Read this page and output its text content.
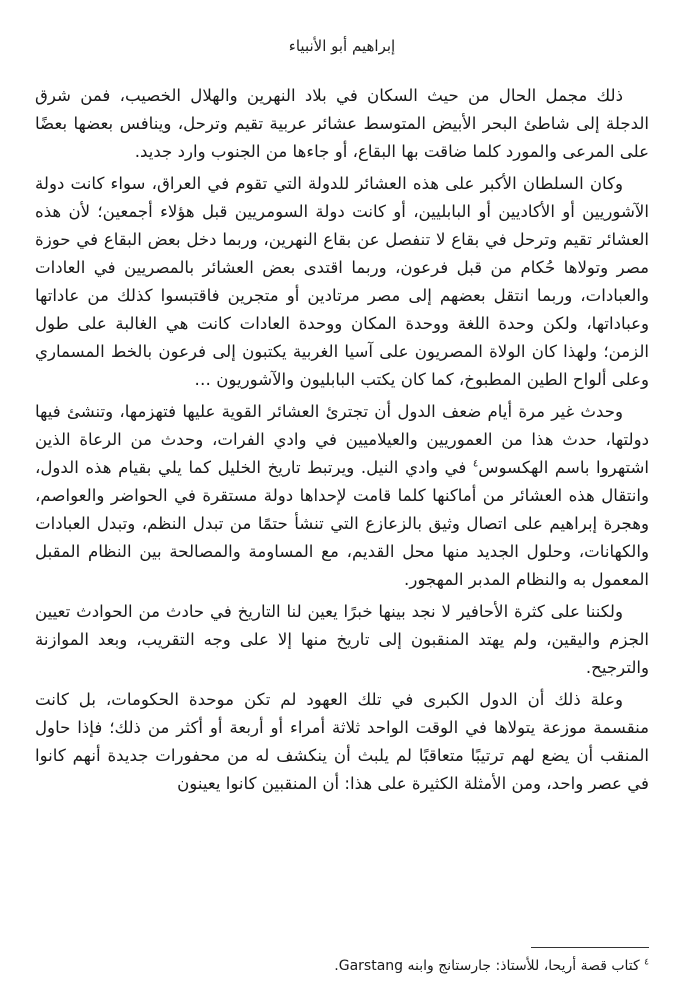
إبراهيم أبو الأنبياء

ذلك مجمل الحال من حيث السكان في بلاد النهرين والهلال الخصيب، فمن شرق الدجلة إلى شاطئ البحر الأبيض المتوسط عشائر عربية تقيم وترحل، وينافس بعضها بعضًا على المرعى والمورد كلما ضاقت بها البقاع، أو جاءها من الجنوب وارد جديد.

وكان السلطان الأكبر على هذه العشائر للدولة التي تقوم في العراق، سواء كانت دولة الآشوريين أو الأكاديين أو البابليين، أو كانت دولة السومريين قبل هؤلاء أجمعين؛ لأن هذه العشائر تقيم وترحل في بقاع لا تنفصل عن بقاع النهرين، وربما دخل بعض البقاع في حوزة مصر وتولاها حُكام من قبل فرعون، وربما اقتدى بعض العشائر بالمصريين في العادات والعبادات، وربما انتقل بعضهم إلى مصر مرتادين أو متجرين فاقتبسوا كذلك من عاداتها وعباداتها، ولكن وحدة اللغة ووحدة المكان ووحدة العادات كانت هي الغالبة على طول الزمن؛ ولهذا كان الولاة المصريون على آسيا الغربية يكتبون إلى فرعون بالخط المسماري وعلى ألواح الطين المطبوخ، كما كان يكتب البابليون والآشوريون …

وحدث غير مرة أيام ضعف الدول أن تجترئ العشائر القوية عليها فتهزمها، وتنشئ فيها دولتها، حدث هذا من العموريين والعيلاميين في وادي الفرات، وحدث من الرعاة الذين اشتهروا باسم الهكسوس$^٤$ في وادي النيل. ويرتبط تاريخ الخليل كما يلي بقيام هذه الدول، وانتقال هذه العشائر من أماكنها كلما قامت لإحداها دولة مستقرة في الحواضر والعواصم، وهجرة إبراهيم على اتصال وثيق بالزعازع التي تنشأ حتمًا من تبدل النظم، وتبدل العبادات والكهانات، وحلول الجديد منها محل القديم، مع المساومة والمصالحة بين النظام المقبل المعمول به والنظام المدبر المهجور.

ولكننا على كثرة الأحافير لا نجد بينها خبرًا يعين لنا التاريخ في حادث من الحوادث تعيين الجزم واليقين، ولم يهتد المنقبون إلى تاريخ منها إلا على وجه التقريب، وبعد الموازنة والترجيح.

وعلة ذلك أن الدول الكبرى في تلك العهود لم تكن موحدة الحكومات، بل كانت منقسمة موزعة يتولاها في الوقت الواحد ثلاثة أمراء أو أربعة أو أكثر من ذلك؛ فإذا حاول المنقب أن يضع لهم ترتيبًا متعاقبًا لم يلبث أن ينكشف له من محفورات جديدة أنهم كانوا في عصر واحد، ومن الأمثلة الكثيرة على هذا: أن المنقبين كانوا يعينون

$^٤$ كتاب قصة أريحا، للأستاذ: جارستانج وابنه Garstang.
